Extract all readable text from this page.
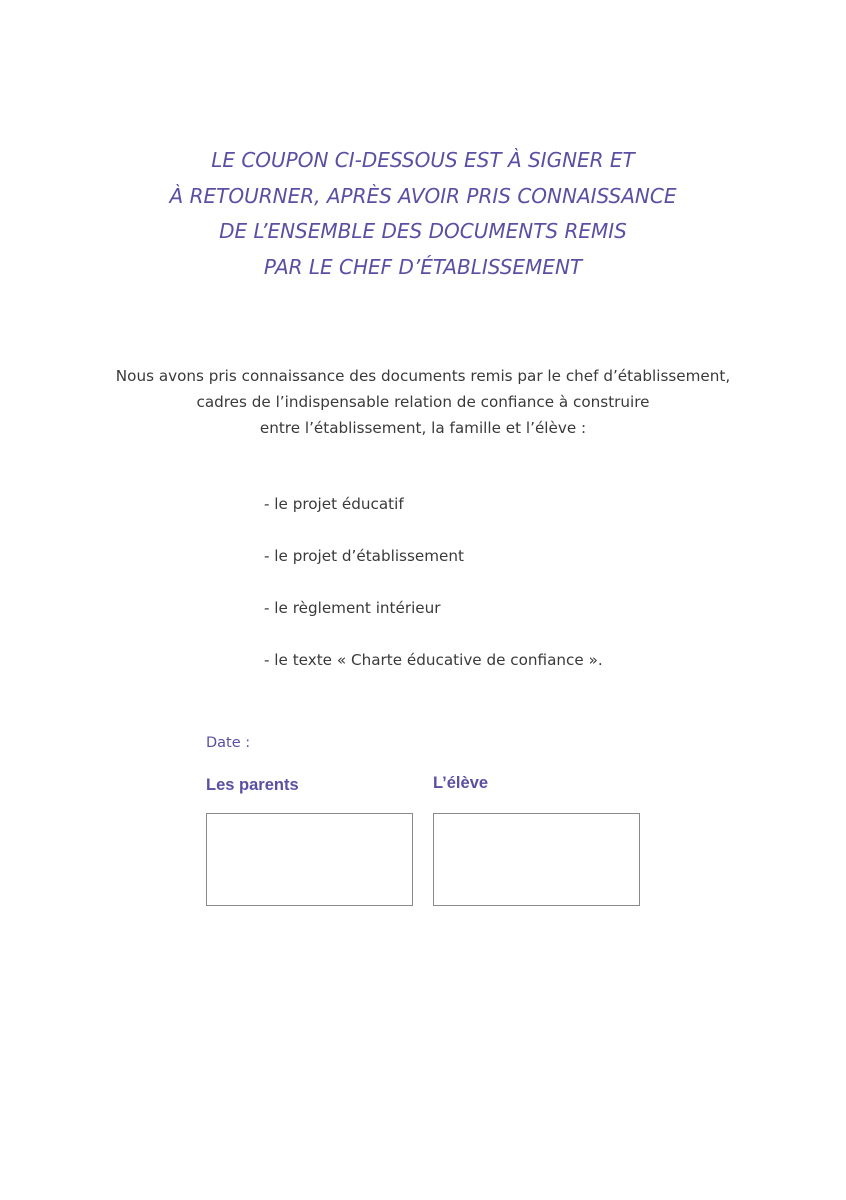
LE COUPON CI-DESSOUS EST À SIGNER ET
À RETOURNER, APRÈS AVOIR PRIS CONNAISSANCE
DE L’ENSEMBLE DES DOCUMENTS REMIS
PAR LE CHEF D’ÉTABLISSEMENT
Nous avons pris connaissance des documents remis par le chef d’établissement,
cadres de l’indispensable relation de confiance à construire
entre l’établissement, la famille et l’élève :
- le projet éducatif
- le projet d’établissement
- le règlement intérieur
- le texte « Charte éducative de confiance ».
Date :
Les parents	L’élève
